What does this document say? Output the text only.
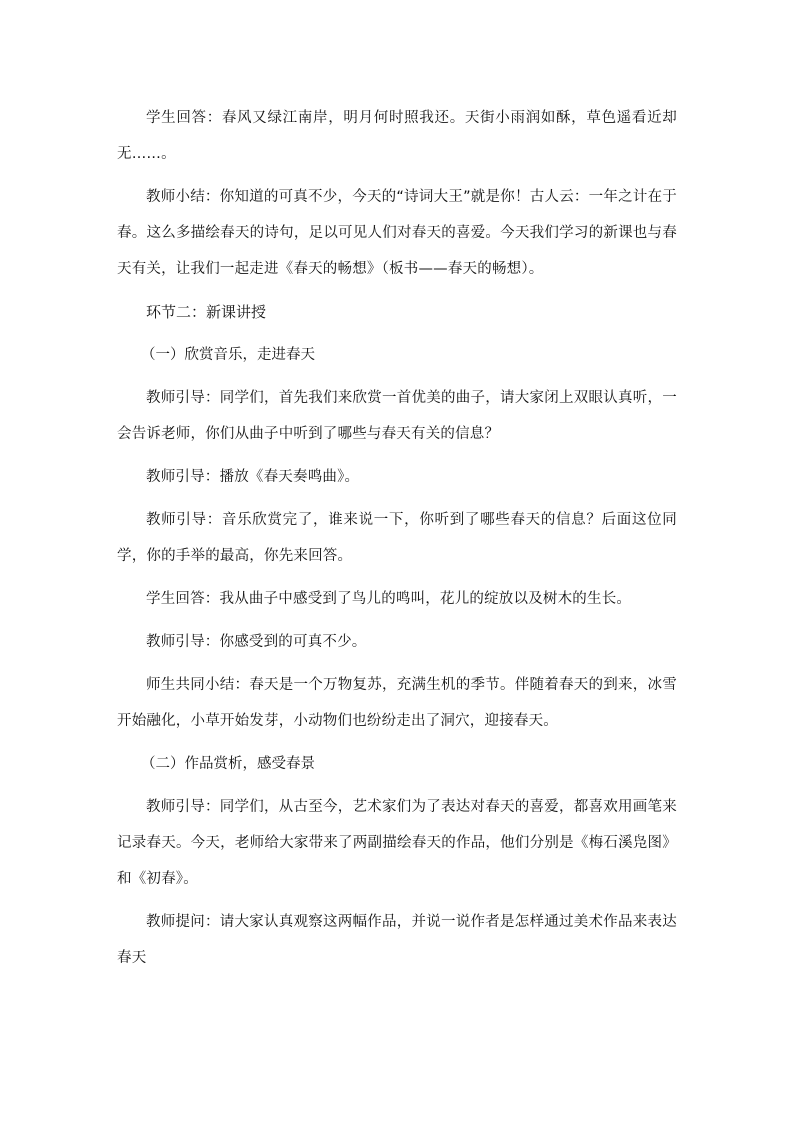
学生回答：春风又绿江南岸，明月何时照我还。天街小雨润如酥，草色遥看近却无……。

教师小结：你知道的可真不少，今天的“诗词大王”就是你！古人云：一年之计在于春。这么多描绘春天的诗句，足以可见人们对春天的喜爱。今天我们学习的新课也与春天有关，让我们一起走进《春天的畅想》（板书——春天的畅想）。

环节二：新课讲授

（一）欣赏音乐，走进春天

教师引导：同学们，首先我们来欣赏一首优美的曲子，请大家闭上双眼认真听，一会告诉老师，你们从曲子中听到了哪些与春天有关的信息？

教师引导：播放《春天奏鸣曲》。

教师引导：音乐欣赏完了，谁来说一下，你听到了哪些春天的信息？后面这位同学，你的手举的最高，你先来回答。

学生回答：我从曲子中感受到了鸟儿的鸣叫，花儿的绽放以及树木的生长。

教师引导：你感受到的可真不少。

师生共同小结：春天是一个万物复苏，充满生机的季节。伴随着春天的到来，冰雪开始融化，小草开始发芽，小动物们也纷纷走出了洞穴，迎接春天。

（二）作品赏析，感受春景

教师引导：同学们，从古至今，艺术家们为了表达对春天的喜爱，都喜欢用画笔来记录春天。今天，老师给大家带来了两副描绘春天的作品，他们分别是《梅石溪凫图》和《初春》。

教师提问：请大家认真观察这两幅作品，并说一说作者是怎样通过美术作品来表达春天
